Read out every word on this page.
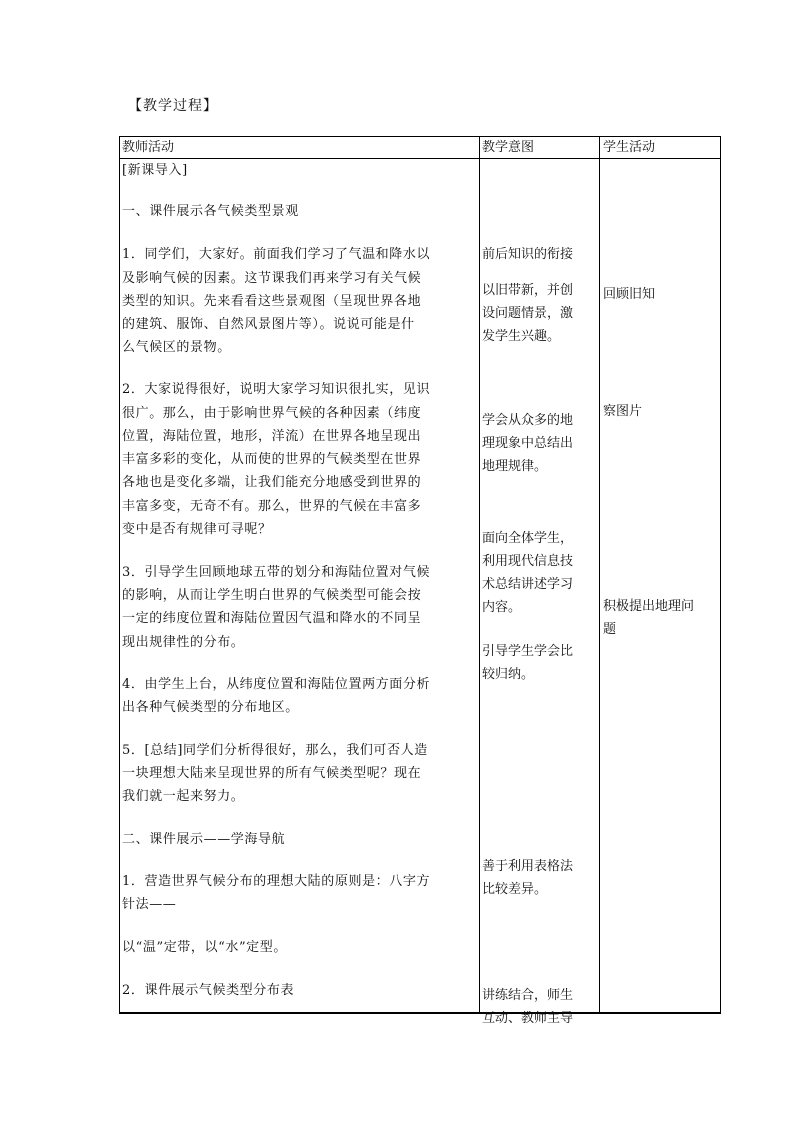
【教学过程】
教师活动	教学意图	学生活动

[新课导入]

一、课件展示各气候类型景观

1．同学们，大家好。前面我们学习了气温和降水以

及影响气候的因素。这节课我们再来学习有关气候

类型的知识。先来看看这些景观图（呈现世界各地

的建筑、服饰、自然风景图片等）。说说可能是什

么气候区的景物。

2．大家说得很好，说明大家学习知识很扎实，见识

很广。那么，由于影响世界气候的各种因素（纬度

位置，海陆位置，地形，洋流）在世界各地呈现出

丰富多彩的变化，从而使的世界的气候类型在世界

各地也是变化多端，让我们能充分地感受到世界的

丰富多变，无奇不有。那么，世界的气候在丰富多

变中是否有规律可寻呢？

3．引导学生回顾地球五带的划分和海陆位置对气候

的影响，从而让学生明白世界的气候类型可能会按

一定的纬度位置和海陆位置因气温和降水的不同呈

现出规律性的分布。

4．由学生上台，从纬度位置和海陆位置两方面分析

出各种气候类型的分布地区。

5．[总结]同学们分析得很好，那么，我们可否人造

一块理想大陆来呈现世界的所有气候类型呢？现在

我们就一起来努力。

二、课件展示——学海导航

1．营造世界气候分布的理想大陆的原则是：八字方

针法——

以“温”定带，以“水”定型。

2．课件展示气候类型分布表

前后知识的衔接

以旧带新，并创

设问题情景，激

发学生兴趣。

学会从众多的地

理现象中总结出

地理规律。

面向全体学生，

利用现代信息技

术总结讲述学习

内容。

引导学生学会比

较归纳。

善于利用表格法

比较差异。

讲练结合，师生

互动、教师主导

回顾旧知

察图片

积极提出地理问

题
